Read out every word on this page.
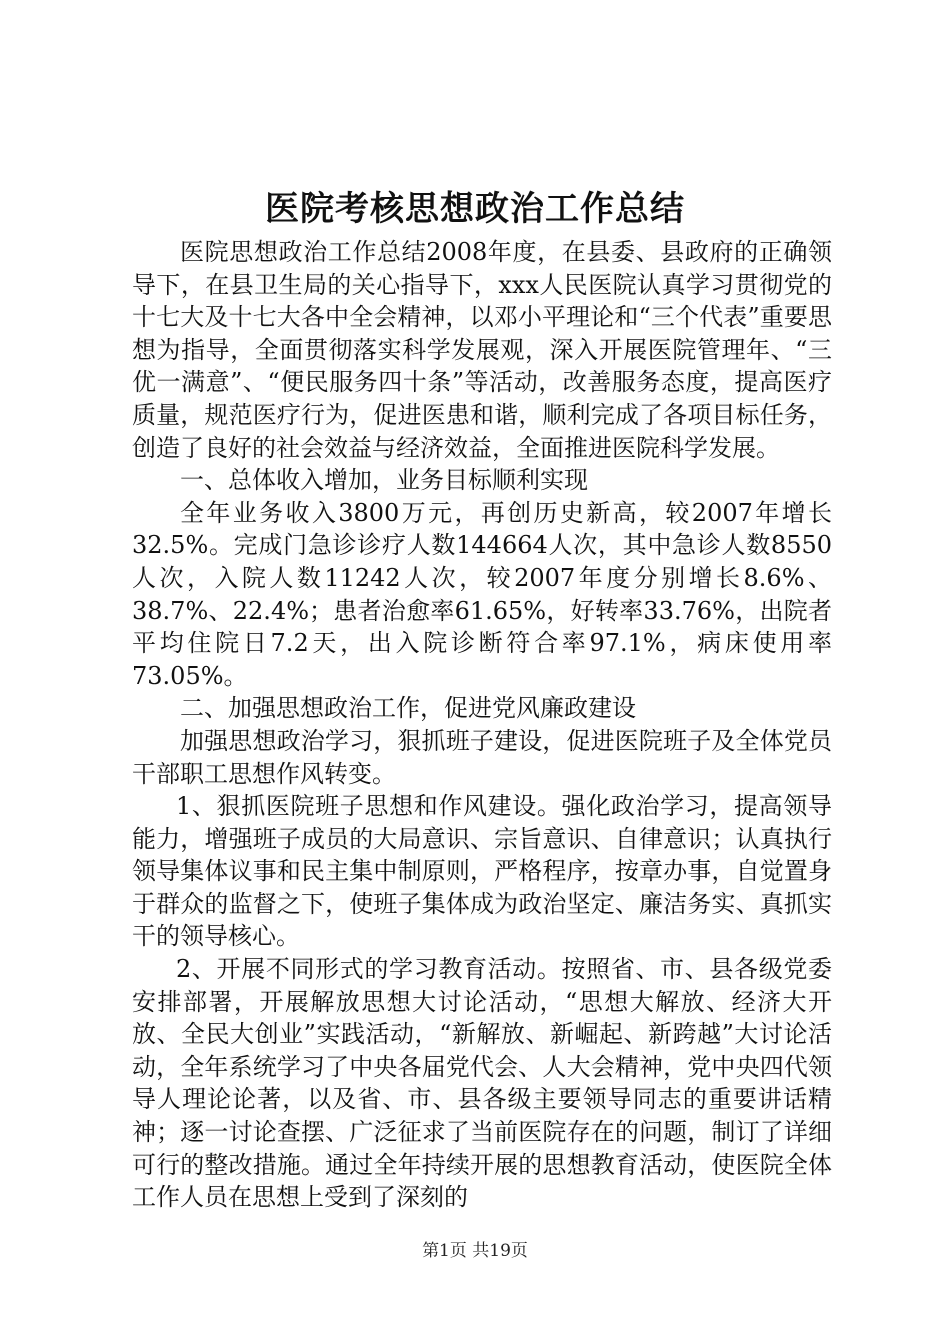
医院考核思想政治工作总结

医院思想政治工作总结2008年度，在县委、县政府的正确领导下，在县卫生局的关心指导下，xxx人民医院认真学习贯彻党的十七大及十七大各中全会精神，以邓小平理论和“三个代表”重要思想为指导，全面贯彻落实科学发展观，深入开展医院管理年、“三优一满意”、“便民服务四十条”等活动，改善服务态度，提高医疗质量，规范医疗行为，促进医患和谐，顺利完成了各项目标任务，创造了良好的社会效益与经济效益，全面推进医院科学发展。

一、总体收入增加，业务目标顺利实现

全年业务收入3800万元，再创历史新高，较2007年增长32.5%。完成门急诊诊疗人数144664人次，其中急诊人数8550人次，入院人数11242人次，较2007年度分别增长8.6%、38.7%、22.4%；患者治愈率61.65%，好转率33.76%，出院者平均住院日7.2天，出入院诊断符合率97.1%，病床使用率73.05%。

二、加强思想政治工作，促进党风廉政建设

加强思想政治学习，狠抓班子建设，促进医院班子及全体党员干部职工思想作风转变。

1、狠抓医院班子思想和作风建设。强化政治学习，提高领导能力，增强班子成员的大局意识、宗旨意识、自律意识；认真执行领导集体议事和民主集中制原则，严格程序，按章办事，自觉置身于群众的监督之下，使班子集体成为政治坚定、廉洁务实、真抓实干的领导核心。

2、开展不同形式的学习教育活动。按照省、市、县各级党委安排部署，开展解放思想大讨论活动，“思想大解放、经济大开放、全民大创业”实践活动，“新解放、新崛起、新跨越”大讨论活动，全年系统学习了中央各届党代会、人大会精神，党中央四代领导人理论论著，以及省、市、县各级主要领导同志的重要讲话精神；逐一讨论查摆、广泛征求了当前医院存在的问题，制订了详细可行的整改措施。通过全年持续开展的思想教育活动，使医院全体工作人员在思想上受到了深刻的

第1页 共19页
